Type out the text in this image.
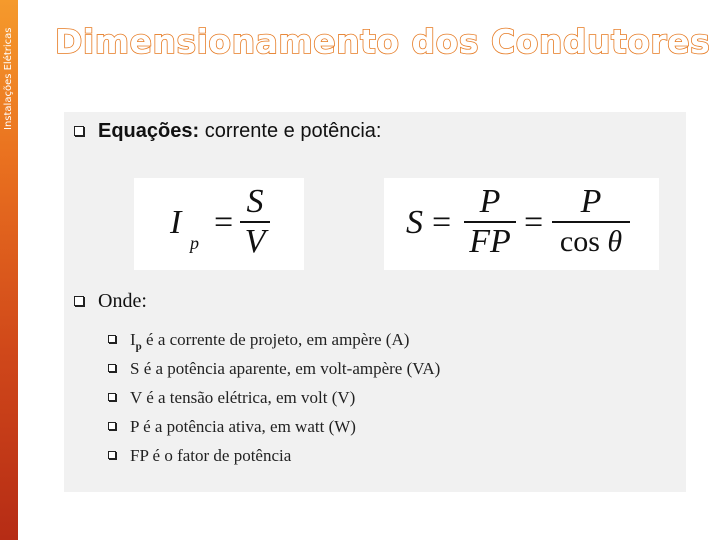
Instalações Elétricas Dimensionamento dos Condutores
Equações: corrente e potência:
I
p
=
S
V	S =
P
FP =
P
cos θ
Onde:
$I_p$ é a corrente de projeto, em ampère (A)
S é a potência aparente, em volt-ampère (VA)
V é a tensão elétrica, em volt (V)
P é a potência ativa, em watt (W)
FP é o fator de potência
